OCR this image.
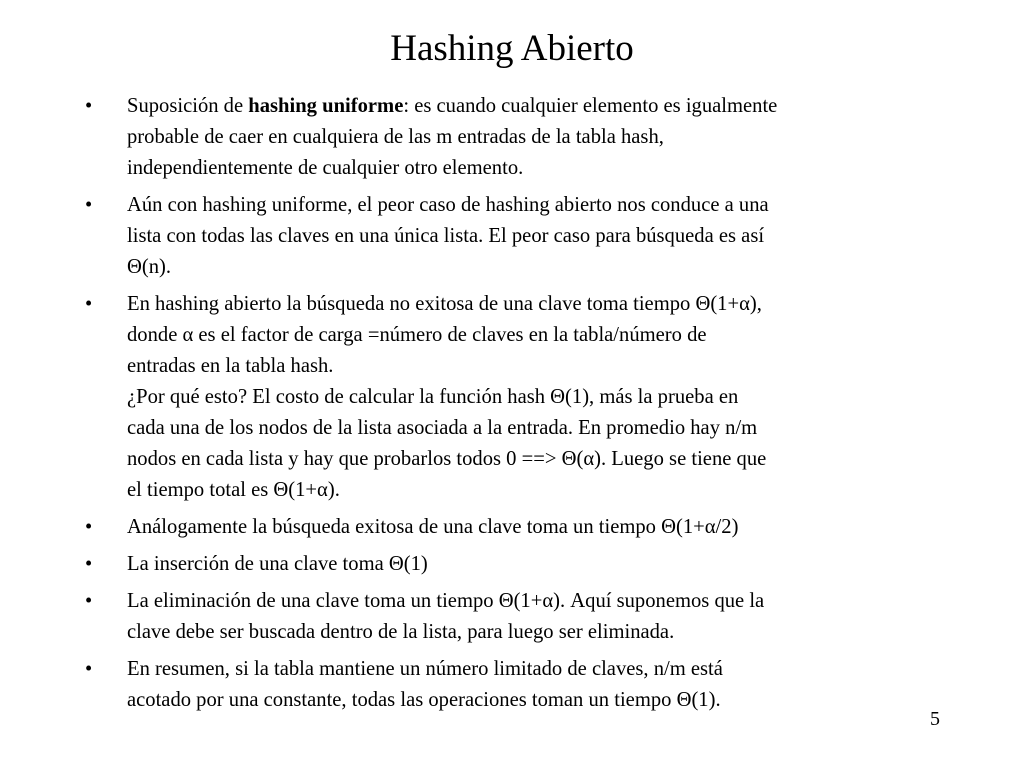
Hashing Abierto
• Suposición de hashing uniforme: es cuando cualquier elemento es igualmente
probable de caer en cualquiera de las m entradas de la tabla hash,
independientemente de cualquier otro elemento.
• Aún con hashing uniforme, el peor caso de hashing abierto nos conduce a una
lista con todas las claves en una única lista. El peor caso para búsqueda es así
Θ(n).
• En hashing abierto la búsqueda no exitosa de una clave toma tiempo Θ(1+α),
donde α es el factor de carga =número de claves en la tabla/número de
entradas en la tabla hash.
¿Por qué esto? El costo de calcular la función hash Θ(1), más la prueba en
cada una de los nodos de la lista asociada a la entrada. En promedio hay n/m
nodos en cada lista y hay que probarlos todos 0 ==> Θ(α). Luego se tiene que
el tiempo total es Θ(1+α).
• Análogamente la búsqueda exitosa de una clave toma un tiempo Θ(1+α/2)
• La inserción de una clave toma Θ(1)
• La eliminación de una clave toma un tiempo Θ(1+α). Aquí suponemos que la
clave debe ser buscada dentro de la lista, para luego ser eliminada.
• En resumen, si la tabla mantiene un número limitado de claves, n/m está
acotado por una constante, todas las operaciones toman un tiempo Θ(1).
5
